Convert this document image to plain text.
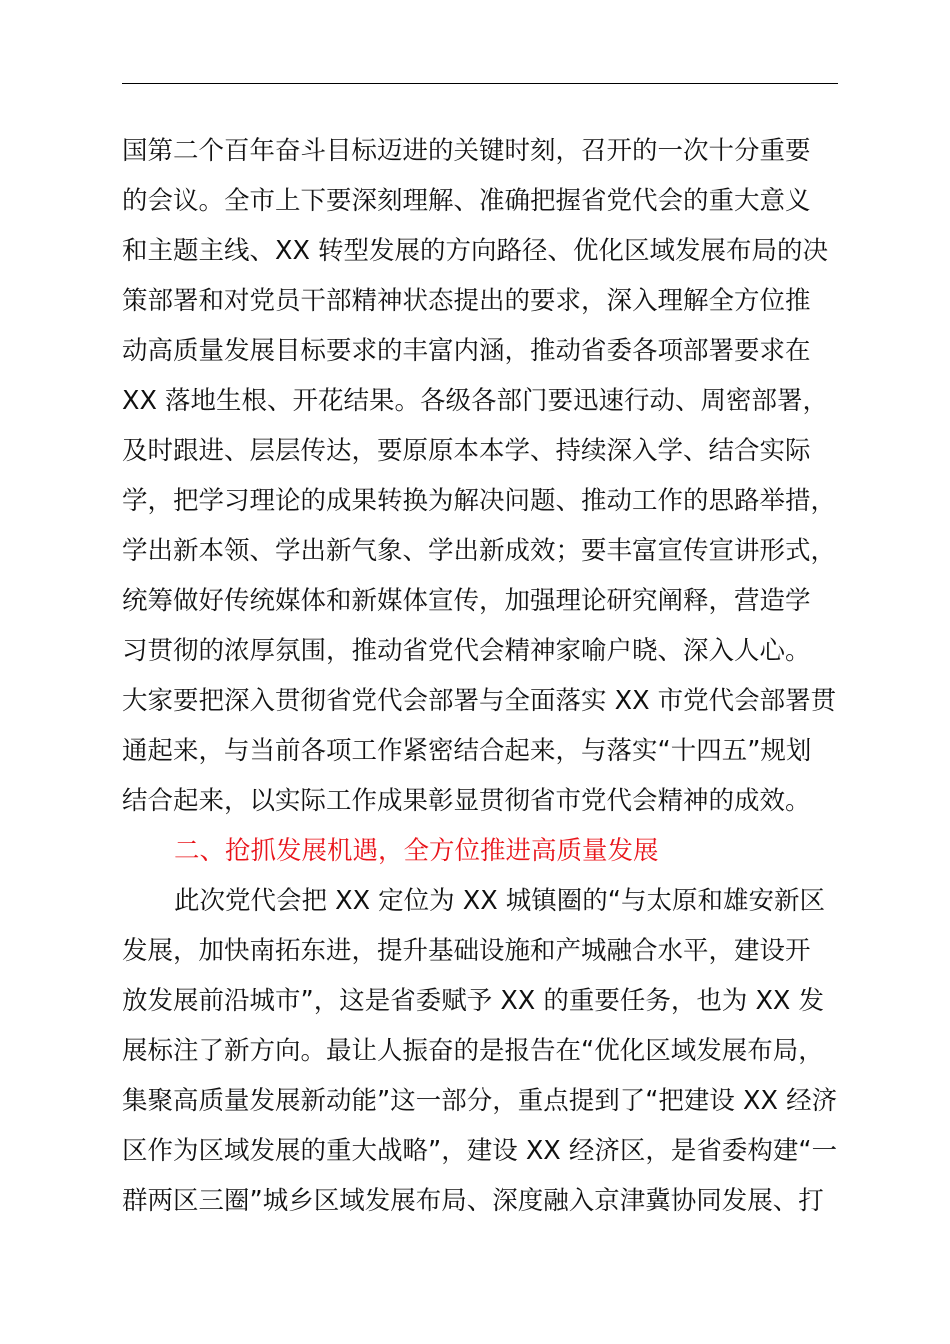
国第二个百年奋斗目标迈进的关键时刻，召开的一次十分重要
的会议。全市上下要深刻理解、准确把握省党代会的重大意义
和主题主线、XX 转型发展的方向路径、优化区域发展布局的决
策部署和对党员干部精神状态提出的要求，深入理解全方位推
动高质量发展目标要求的丰富内涵，推动省委各项部署要求在
XX 落地生根、开花结果。各级各部门要迅速行动、周密部署，
及时跟进、层层传达，要原原本本学、持续深入学、结合实际
学，把学习理论的成果转换为解决问题、推动工作的思路举措，
学出新本领、学出新气象、学出新成效；要丰富宣传宣讲形式，
统筹做好传统媒体和新媒体宣传，加强理论研究阐释，营造学
习贯彻的浓厚氛围，推动省党代会精神家喻户晓、深入人心。
大家要把深入贯彻省党代会部署与全面落实 XX 市党代会部署贯
通起来，与当前各项工作紧密结合起来，与落实“十四五”规划
结合起来，以实际工作成果彰显贯彻省市党代会精神的成效。
二、抢抓发展机遇，全方位推进高质量发展
此次党代会把 XX 定位为 XX 城镇圈的“与太原和雄安新区
发展，加快南拓东进，提升基础设施和产城融合水平，建设开
放发展前沿城市”，这是省委赋予 XX 的重要任务，也为 XX 发
展标注了新方向。最让人振奋的是报告在“优化区域发展布局，
集聚高质量发展新动能”这一部分，重点提到了“把建设 XX 经济
区作为区域发展的重大战略”，建设 XX 经济区，是省委构建“一
群两区三圈”城乡区域发展布局、深度融入京津冀协同发展、打
